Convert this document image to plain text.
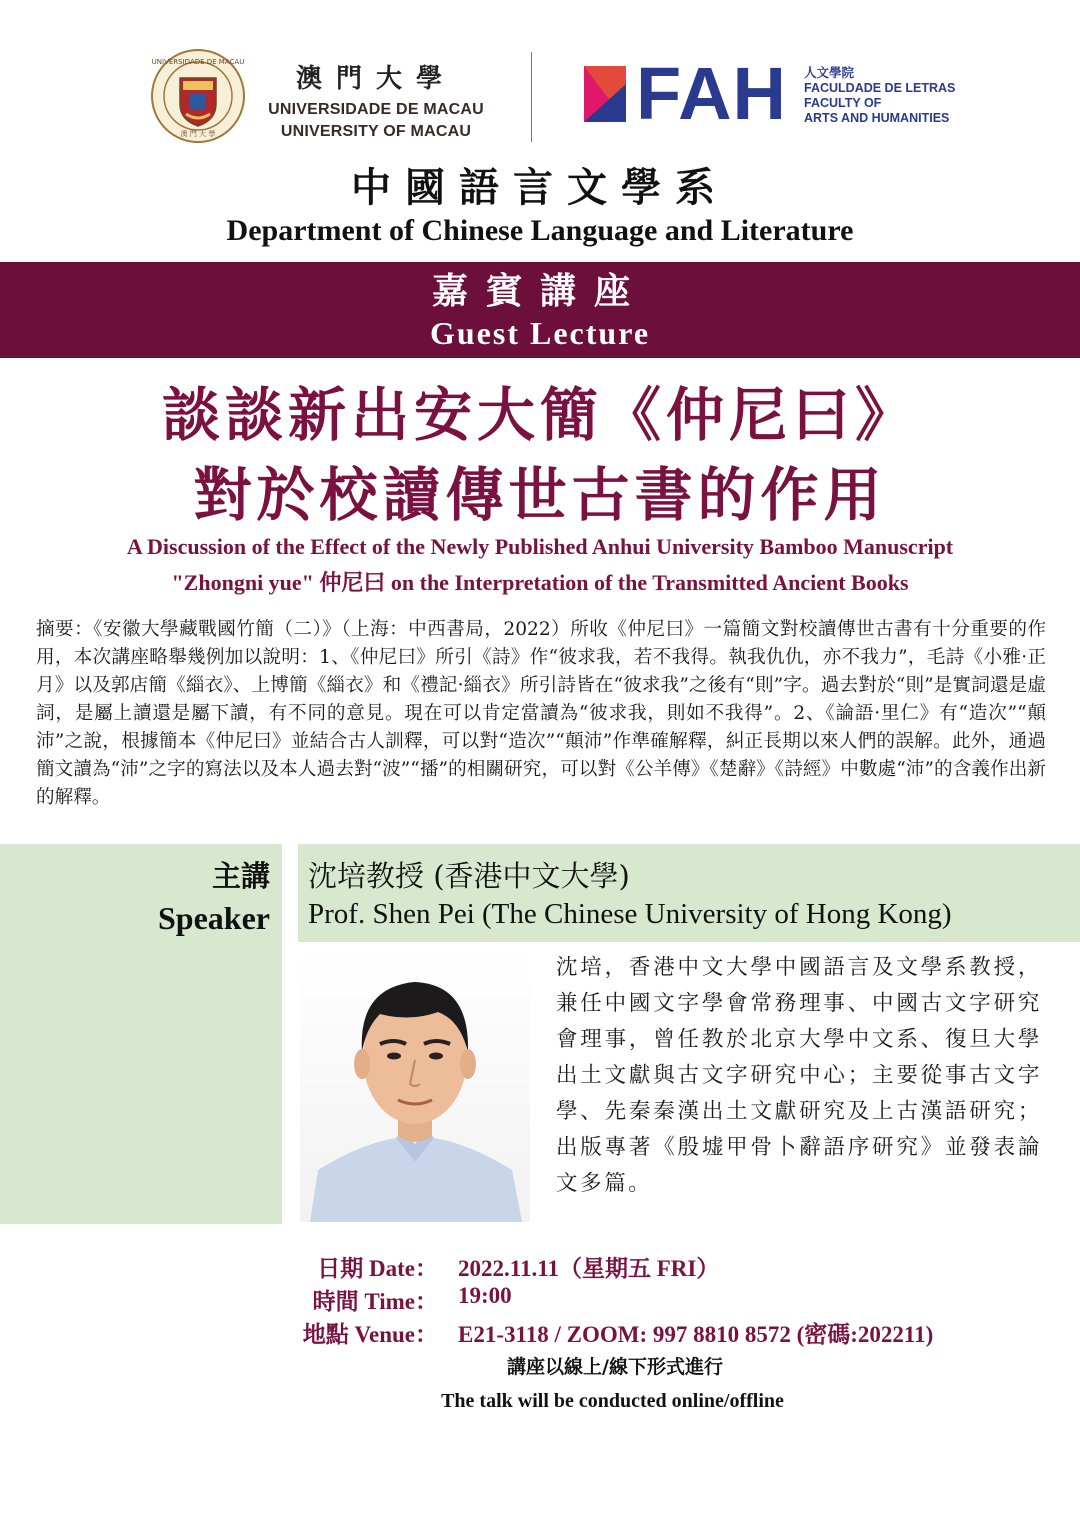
UNIVERSIDADE DE MACAU
澳 門 大 學
澳門大學
UNIVERSIDADE DE MACAU
UNIVERSITY OF MACAU	FAH 人文學院
FACULDADE DE LETRAS
FACULTY OF
ARTS AND HUMANITIES
中國語言文學系
Department of Chinese Language and Literature
嘉賓講座
Guest Lecture
談談新出安大簡《仲尼曰》
對於校讀傳世古書的作用
A Discussion of the Effect of the Newly Published Anhui University Bamboo Manuscript
"Zhongni yue" 仲尼曰 on the Interpretation of the Transmitted Ancient Books
摘要：《安徽大學藏戰國竹簡（二）》（上海：中西書局，2022）所收《仲尼曰》一篇簡文對校讀傳世古書有十分重要的作用，本次講座略舉幾例加以說明：1、《仲尼曰》所引《詩》作“彼求我，若不我得。執我仇仇，亦不我力”，毛詩《小雅·正月》以及郭店簡《緇衣》、上博簡《緇衣》和《禮記·緇衣》所引詩皆在“彼求我”之後有“則”字。過去對於“則”是實詞還是虛詞，是屬上讀還是屬下讀，有不同的意見。現在可以肯定當讀為“彼求我，則如不我得”。2、《論語·里仁》有“造次”“顛沛”之說，根據簡本《仲尼曰》並結合古人訓釋，可以對“造次”“顛沛”作準確解釋，糾正長期以來人們的誤解。此外，通過簡文讀為“沛”之字的寫法以及本人過去對“波”“播”的相關研究，可以對《公羊傳》《楚辭》《詩經》中數處“沛”的含義作出新的解釋。
主講
Speaker
沈培教授 (香港中文大學)
Prof. Shen Pei (The Chinese University of Hong Kong)
沈培，香港中文大學中國語言及文學系教授，兼任中國文字學會常務理事、中國古文字研究會理事，曾任教於北京大學中文系、復旦大學出土文獻與古文字研究中心；主要從事古文字學、先秦秦漢出土文獻研究及上古漢語研究；出版專著《殷墟甲骨卜辭語序研究》並發表論文多篇。
日期 Date： 2022.11.11（星期五 FRI）
時間 Time： 19:00
地點 Venue： E21-3118 / ZOOM: 997 8810 8572 (密碼:202211)
講座以線上/線下形式進行
The talk will be conducted online/offline
